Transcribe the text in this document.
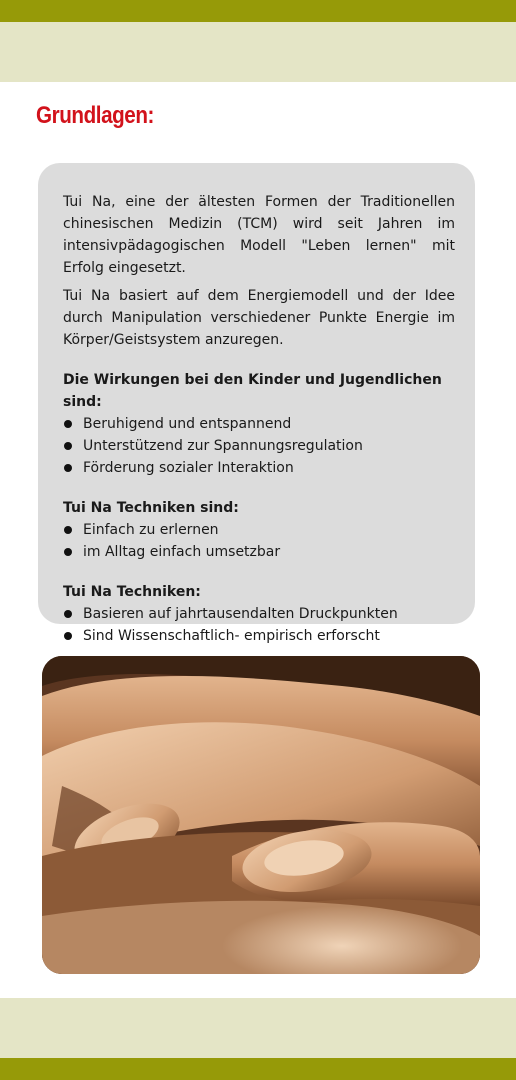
Grundlagen:

Tui Na, eine der ältesten Formen der Traditionellen chinesischen Medizin (TCM) wird seit Jahren im intensivpädagogischen Modell "Leben lernen" mit Erfolg eingesetzt.

Tui Na basiert auf dem Energiemodell und der Idee durch Manipulation verschiedener Punkte Energie im Körper/Geistsystem anzuregen.

Die Wirkungen bei den Kinder und Jugendlichen sind:
Beruhigend und entspannend
Unterstützend zur Spannungsregulation
Förderung sozialer Interaktion
Tui Na Techniken sind:
Einfach zu erlernen
im Alltag einfach umsetzbar
Tui Na Techniken:
Basieren auf jahrtausendalten Druckpunkten
Sind Wissenschaftlich- empirisch erforscht
